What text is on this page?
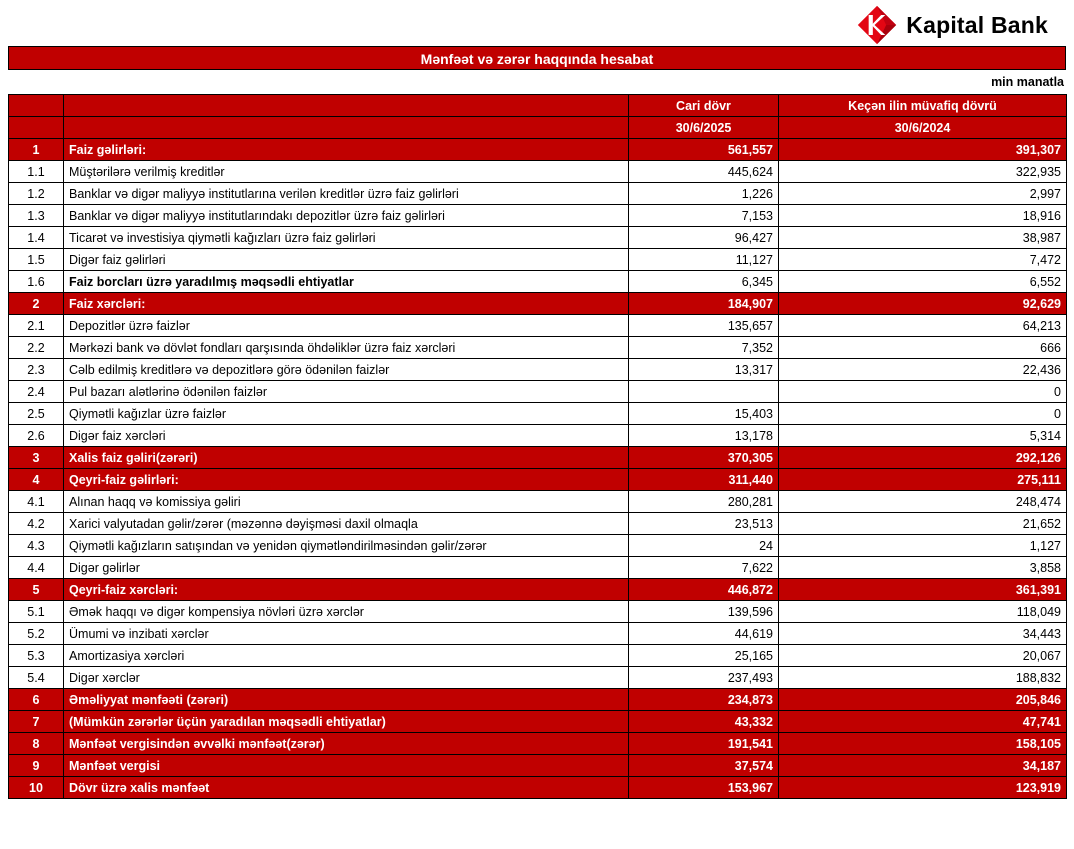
Kapital Bank
Mənfəət və zərər haqqında hesabat
min manatla
		Cari dövr	Keçən ilin müvafiq dövrü
		30/6/2025	30/6/2024
1	Faiz gəlirləri:	561,557	391,307
1.1	Müştərilərə verilmiş kreditlər	445,624	322,935
1.2	Banklar və digər maliyyə institutlarına verilən kreditlər üzrə faiz gəlirləri	1,226	2,997
1.3	Banklar və digər maliyyə institutlarındakı depozitlər üzrə faiz gəlirləri	7,153	18,916
1.4	Ticarət və investisiya qiymətli kağızları üzrə faiz gəlirləri	96,427	38,987
1.5	Digər faiz gəlirləri	11,127	7,472
1.6	Faiz borcları üzrə yaradılmış məqsədli ehtiyatlar	6,345	6,552
2	Faiz xərcləri:	184,907	92,629
2.1	Depozitlər üzrə faizlər	135,657	64,213
2.2	Mərkəzi bank və dövlət fondları qarşısında öhdəliklər üzrə faiz xərcləri	7,352	666
2.3	Cəlb edilmiş kreditlərə və depozitlərə görə ödənilən faizlər	13,317	22,436
2.4	Pul bazarı alətlərinə ödənilən faizlər		0
2.5	Qiymətli kağızlar üzrə faizlər	15,403	0
2.6	Digər faiz xərcləri	13,178	5,314
3	Xalis faiz gəliri(zərəri)	370,305	292,126
4	Qeyri-faiz gəlirləri:	311,440	275,111
4.1	Alınan haqq və komissiya gəliri	280,281	248,474
4.2	Xarici valyutadan gəlir/zərər (məzənnə dəyişməsi daxil olmaqla	23,513	21,652
4.3	Qiymətli kağızların satışından və yenidən qiymətləndirilməsindən gəlir/zərər	24	1,127
4.4	Digər gəlirlər	7,622	3,858
5	Qeyri-faiz xərcləri:	446,872	361,391
5.1	Əmək haqqı və digər kompensiya növləri üzrə xərclər	139,596	118,049
5.2	Ümumi və inzibati xərclər	44,619	34,443
5.3	Amortizasiya xərcləri	25,165	20,067
5.4	Digər xərclər	237,493	188,832
6	Əməliyyat mənfəəti (zərəri)	234,873	205,846
7	(Mümkün zərərlər üçün yaradılan məqsədli ehtiyatlar)	43,332	47,741
8	Mənfəət vergisindən əvvəlki mənfəət(zərər)	191,541	158,105
9	Mənfəət vergisi	37,574	34,187
10	Dövr üzrə xalis mənfəət	153,967	123,919
